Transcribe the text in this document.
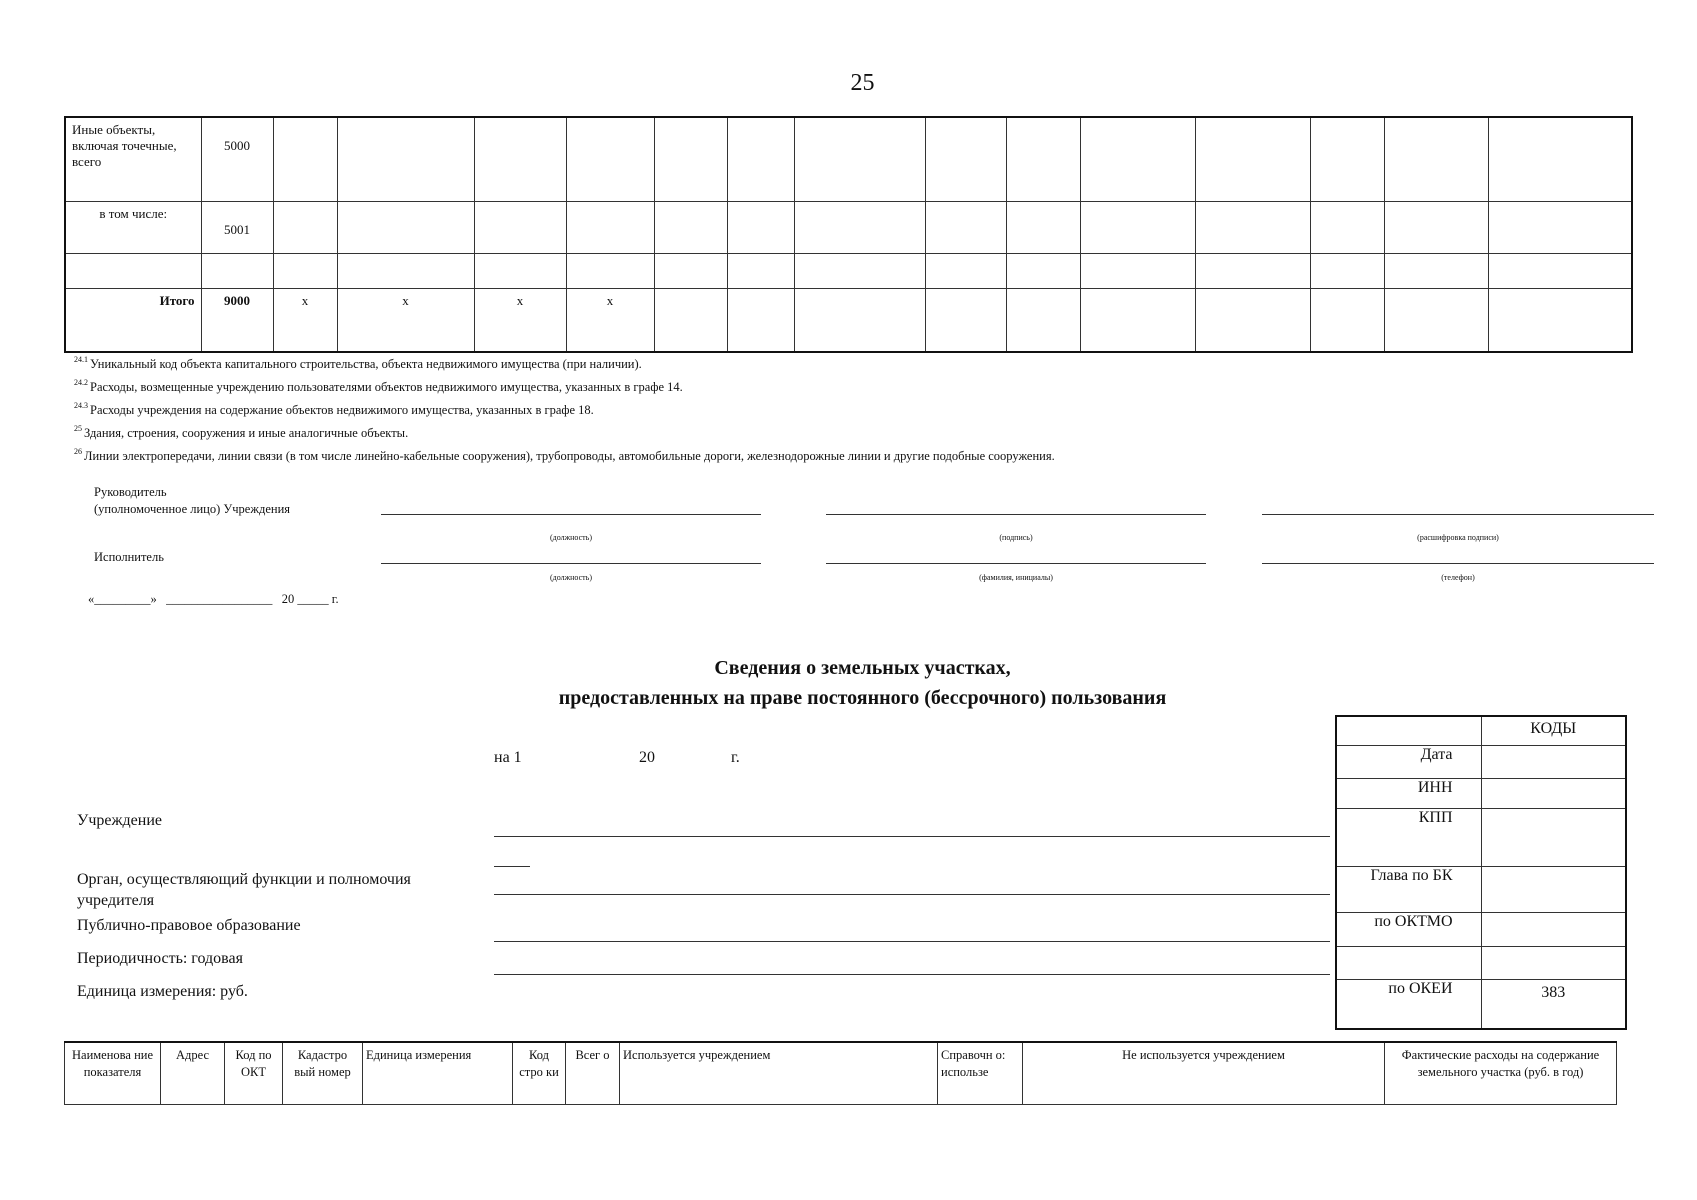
25
Иные объекты, включая точечные, всего	5000														
в том числе:	5001														

Итого	9000	x	x	x	x										
$^{24.1}$ Уникальный код объекта капитального строительства, объекта недвижимого имущества (при наличии).
$^{24.2}$ Расходы, возмещенные учреждению пользователями объектов недвижимого имущества, указанных в графе 14.
$^{24.3}$ Расходы учреждения на содержание объектов недвижимого имущества, указанных в графе 18.
$^{25}$ Здания, строения, сооружения и иные аналогичные объекты.
$^{26}$ Линии электропередачи, линии связи (в том числе линейно-кабельные сооружения), трубопроводы, автомобильные дороги, железнодорожные линии и другие подобные сооружения.
Руководитель
(уполномоченное лицо) Учреждения
(должность)	(подпись)	(расшифровка подписи)
Исполнитель
(должность)	(фамилия, инициалы)	(телефон)
«_________»   _________________   20 _____ г.
Сведения о земельных участках,
предоставленных на праве постоянного (бессрочного) пользования
на 1	20	г.
Учреждение
Орган, осуществляющий функции и полномочия учредителя
Публично-правовое образование
Периодичность: годовая
Единица измерения: руб.
	КОДЫ
Дата	
ИНН	
КПП	
Глава по БК	
по ОКТМО	

по ОКЕИ	383
Наименова ние показателя	Адрес	Код по ОКТ	Кадастро вый номер	Единица измерения	Код стро ки	Всег о	Используется учреждением	Справочн о: использе	Не используется учреждением	Фактические расходы на содержание земельного участка (руб. в год)
